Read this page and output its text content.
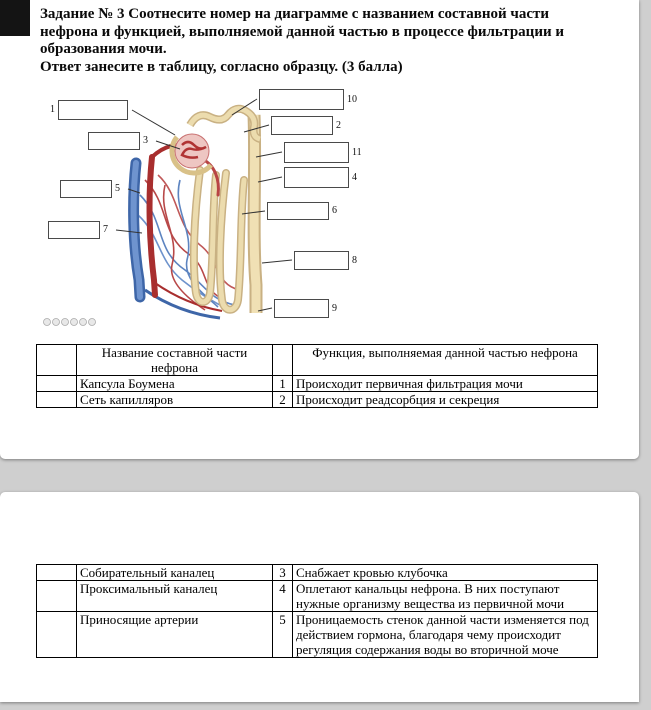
Задание № 3 Соотнесите номер на диаграмме с названием составной части нефрона и функцией, выполняемой данной частью в процессе фильтрации и образования мочи.
Ответ занесите в таблицу, согласно образцу. (3 балла)
1
3
5
7
10
2
11
4
6
8
9
	Название составной части нефрона		Функция, выполняемая данной частью нефрона
	Капсула Боумена	1	Происходит первичная фильтрация мочи
	Сеть капилляров	2	Происходит реадсорбция и секреция
	Собирательный каналец	3	Снабжает кровью клубочка
	Проксимальный каналец	4	Оплетают канальцы нефрона. В них поступают нужные организму вещества из первичной мочи
	Приносящие артерии	5	Проницаемость стенок данной части изменяется под действием гормона, благодаря чему происходит регуляция содержания воды во вторичной моче
